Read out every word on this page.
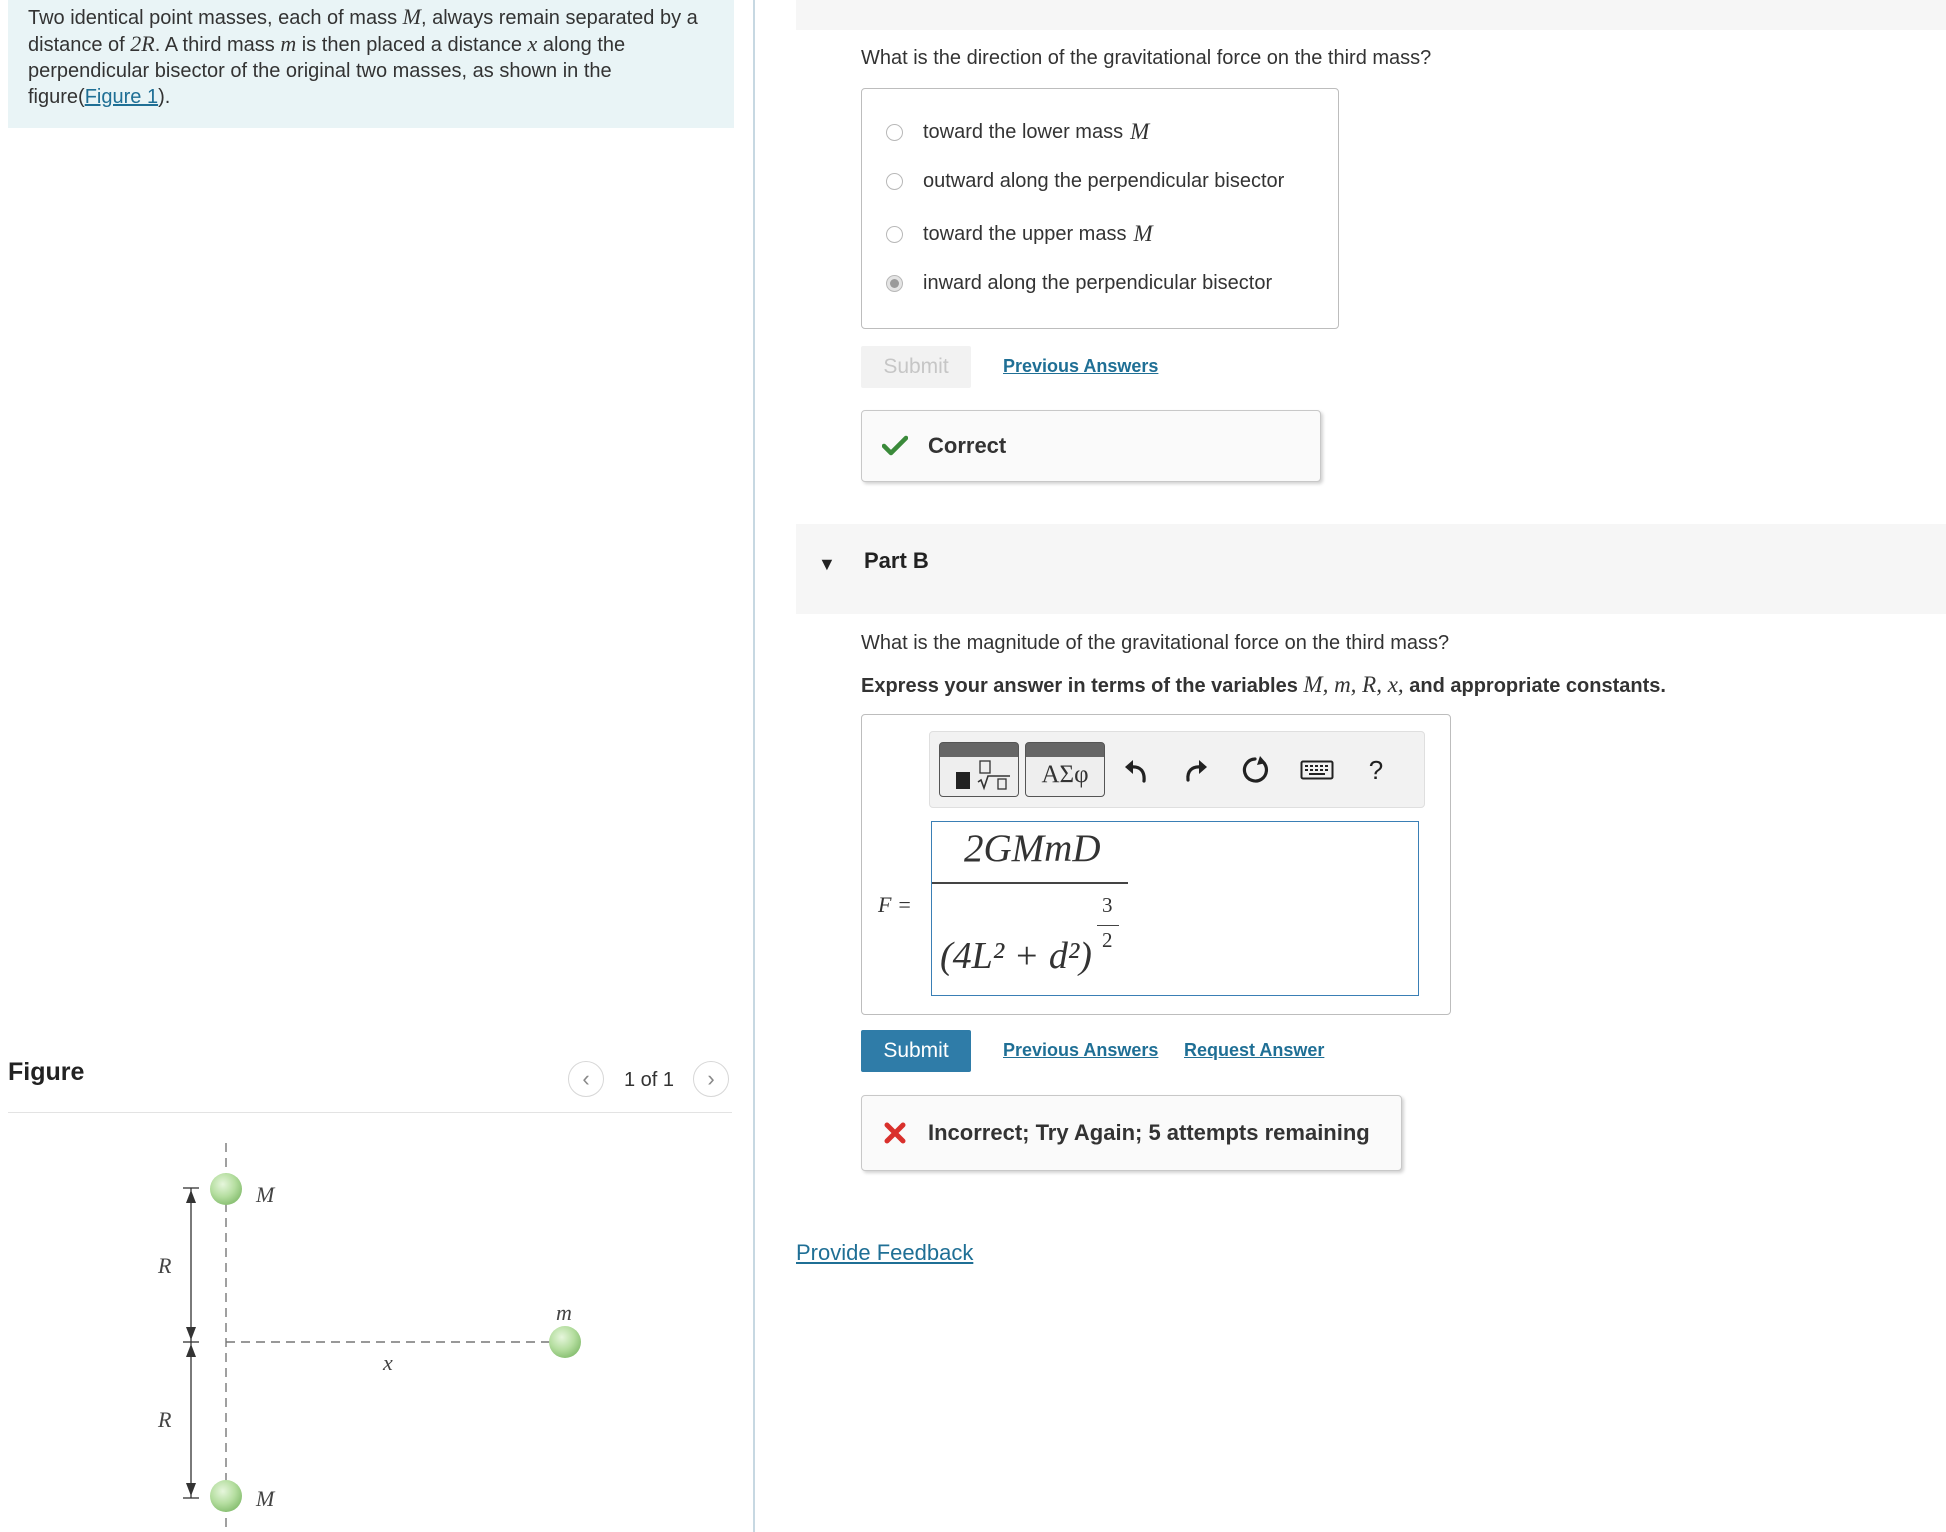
Two identical point masses, each of mass M, always remain separated by a distance of 2R. A third mass m is then placed a distance x along the perpendicular bisector of the original two masses, as shown in the figure(Figure 1).
Figure	‹ 1 of 1 ›
M
M
m
x
R
R
What is the direction of the gravitational force on the third mass?
toward the lower mass M
outward along the perpendicular bisector
toward the upper mass M
inward along the perpendicular bisector
Submit	Previous Answers
Correct
▼ Part B
What is the magnitude of the gravitational force on the third mass?
Express your answer in terms of the variables M, m, R, x, and appropriate constants.
ΑΣφ	?
F =
2GMmD
(4L² + d²)
3
2
Submit	Previous Answers Request Answer
Incorrect; Try Again; 5 attempts remaining
Provide Feedback
